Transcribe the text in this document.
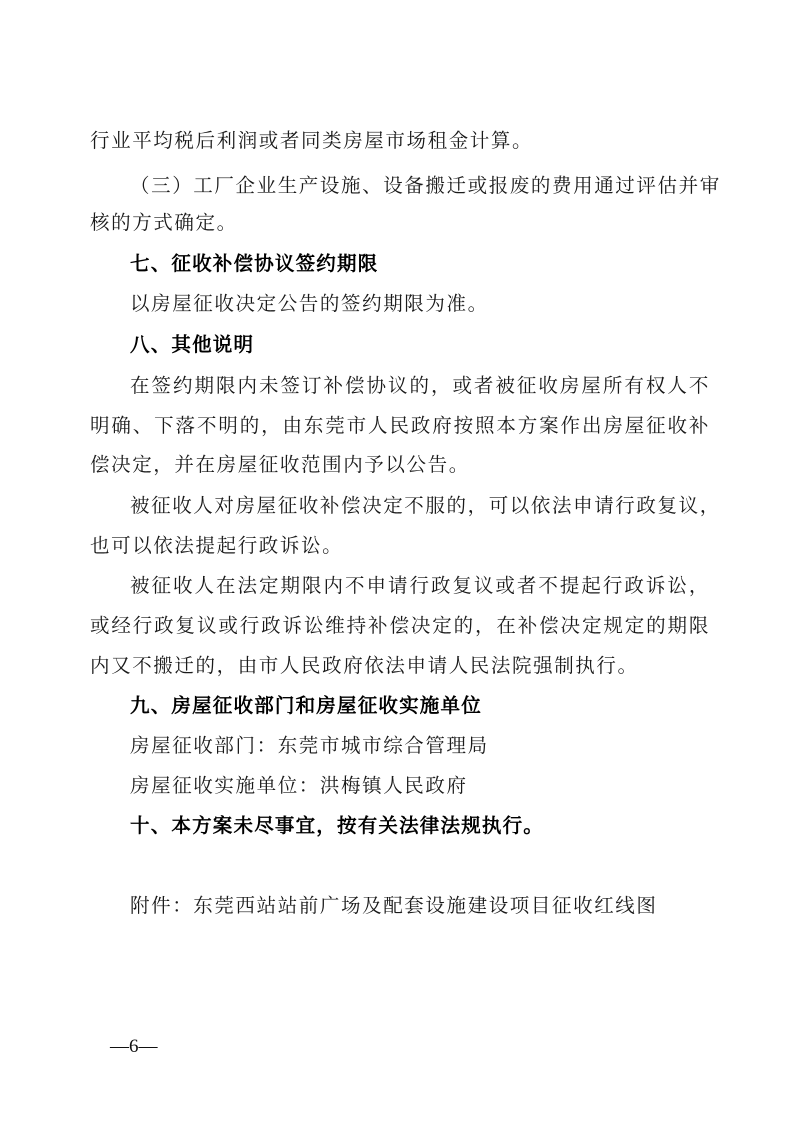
行业平均税后利润或者同类房屋市场租金计算。
（三）工厂企业生产设施、设备搬迁或报废的费用通过评估并审
核的方式确定。
七、征收补偿协议签约期限
以房屋征收决定公告的签约期限为准。
八、其他说明
在签约期限内未签订补偿协议的，或者被征收房屋所有权人不
明确、下落不明的，由东莞市人民政府按照本方案作出房屋征收补
偿决定，并在房屋征收范围内予以公告。
被征收人对房屋征收补偿决定不服的，可以依法申请行政复议，
也可以依法提起行政诉讼。
被征收人在法定期限内不申请行政复议或者不提起行政诉讼，
或经行政复议或行政诉讼维持补偿决定的，在补偿决定规定的期限
内又不搬迁的，由市人民政府依法申请人民法院强制执行。
九、房屋征收部门和房屋征收实施单位
房屋征收部门：东莞市城市综合管理局
房屋征收实施单位：洪梅镇人民政府
十、本方案未尽事宜，按有关法律法规执行。
附件：东莞西站站前广场及配套设施建设项目征收红线图
—6—
